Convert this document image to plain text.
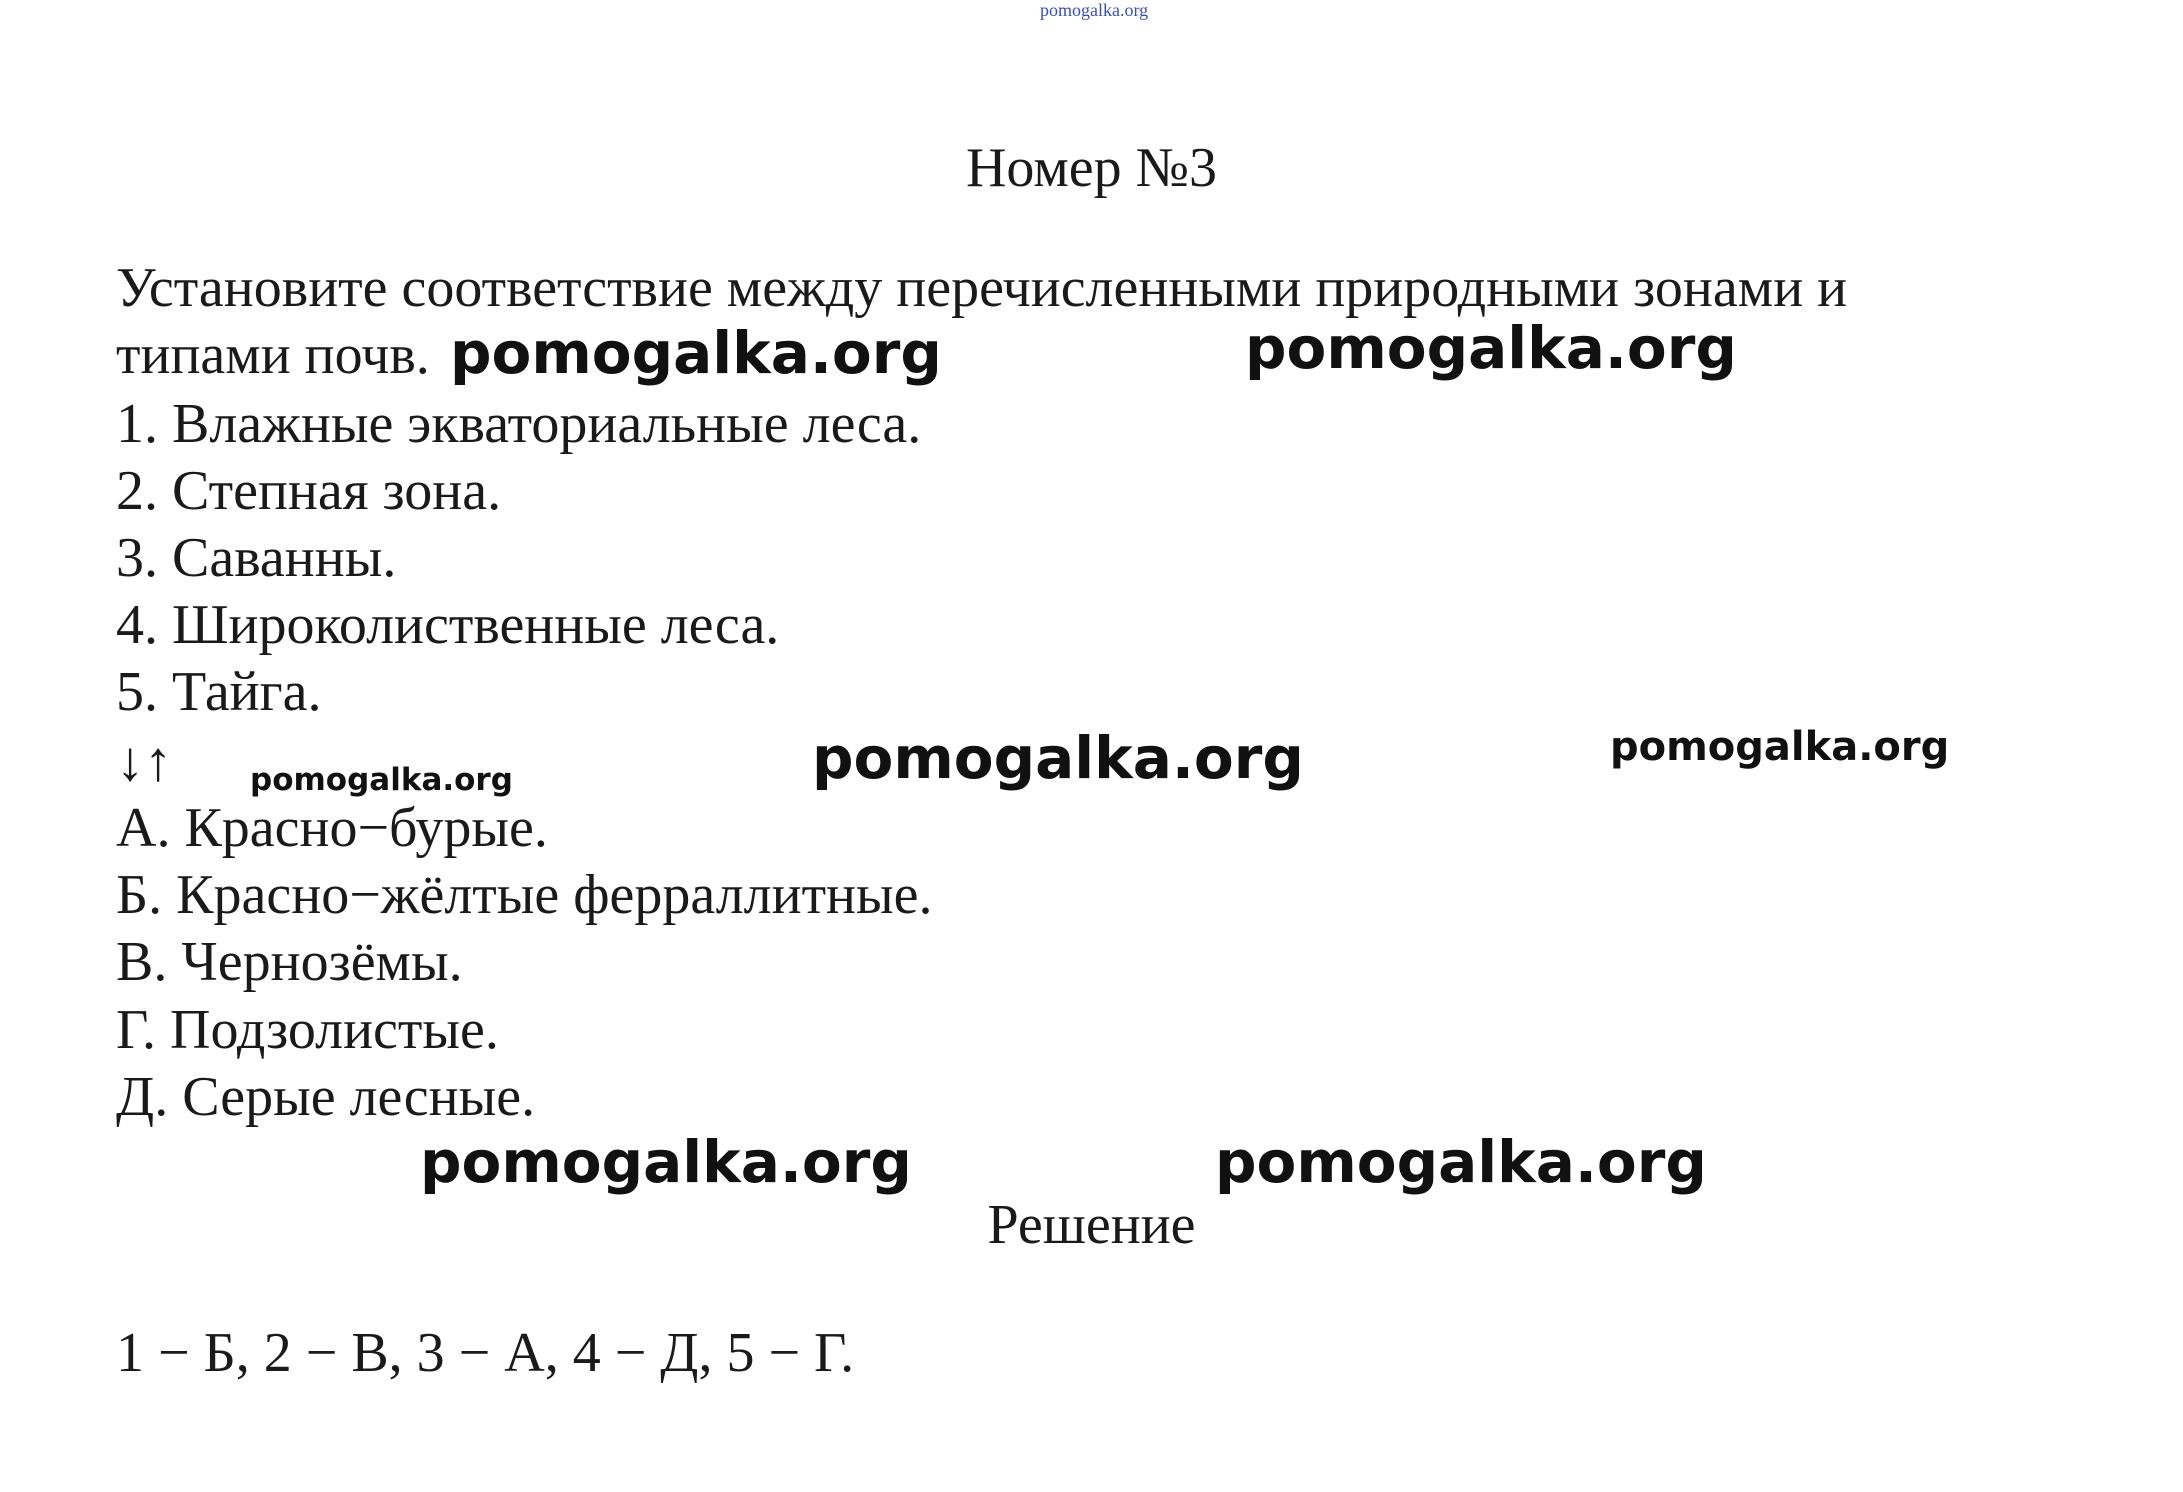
pomogalka.org
Номер №3
Установите соответствие между перечисленными природными зонами и
типами почв.
1. Влажные экваториальные леса.
2. Степная зона.
3. Саванны.
4. Широколиственные леса.
5. Тайга.
↓↑
А. Красно−бурые.
Б. Красно−жёлтые ферраллитные.
В. Чернозёмы.
Г. Подзолистые.
Д. Серые лесные.
Решение
1 − Б, 2 − В, 3 − А, 4 − Д, 5 − Г.
pomogalka.org	pomogalka.org
pomogalka.org	pomogalka.org
pomogalka.org
pomogalka.org	pomogalka.org
